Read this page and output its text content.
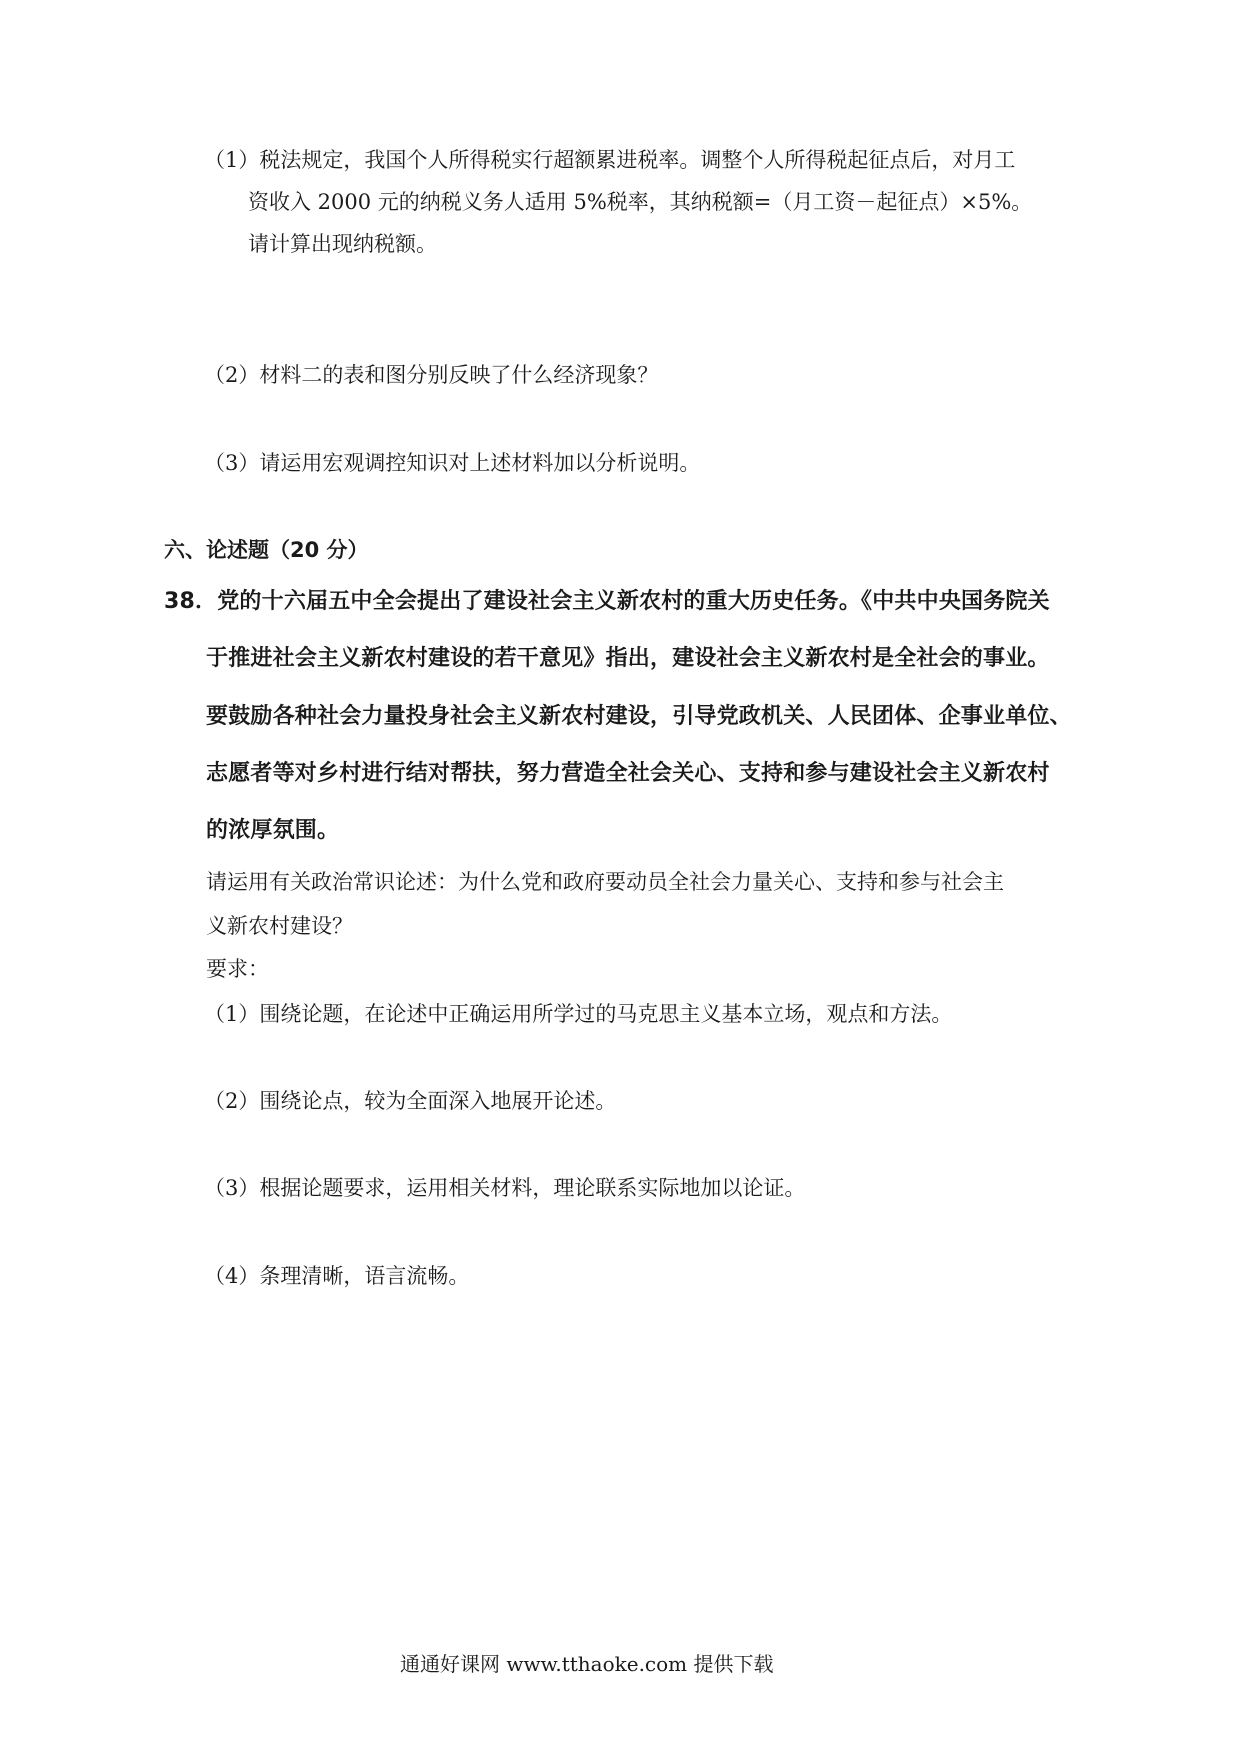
（1）税法规定，我国个人所得税实行超额累进税率。调整个人所得税起征点后，对月工
资收入 2000 元的纳税义务人适用 5%税率，其纳税额=（月工资－起征点）×5%。
请计算出现纳税额。
（2）材料二的表和图分别反映了什么经济现象？
（3）请运用宏观调控知识对上述材料加以分析说明。
六、论述题（20 分）
38．党的十六届五中全会提出了建设社会主义新农村的重大历史任务。《中共中央国务院关
于推进社会主义新农村建设的若干意见》指出，建设社会主义新农村是全社会的事业。
要鼓励各种社会力量投身社会主义新农村建设，引导党政机关、人民团体、企事业单位、
志愿者等对乡村进行结对帮扶，努力营造全社会关心、支持和参与建设社会主义新农村
的浓厚氛围。
请运用有关政治常识论述：为什么党和政府要动员全社会力量关心、支持和参与社会主
义新农村建设？
要求：
（1）围绕论题，在论述中正确运用所学过的马克思主义基本立场，观点和方法。
（2）围绕论点，较为全面深入地展开论述。
（3）根据论题要求，运用相关材料，理论联系实际地加以论证。
（4）条理清晰，语言流畅。
通通好课网 www.tthaoke.com 提供下载
